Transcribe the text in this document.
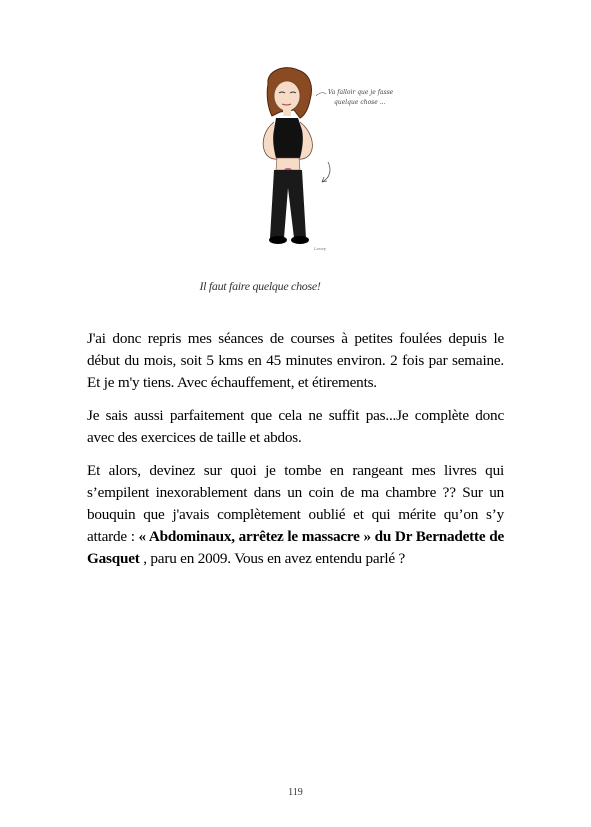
Va falloir que je fasse
quelque chose ...
Louvy
Il faut faire quelque chose!

J'ai donc repris mes séances de courses à petites foulées depuis le début du mois, soit 5 kms en 45 minutes environ. 2 fois par semaine. Et je m'y tiens. Avec échauffement, et étirements.

Je sais aussi parfaitement que cela ne suffit pas...Je complète donc avec des exercices de taille et abdos.

Et alors, devinez sur quoi je tombe en rangeant mes livres qui s’empilent inexorablement dans un coin de ma chambre ?? Sur un bouquin que j'avais complètement oublié et qui mérite qu’on s’y attarde : « Abdominaux, arrêtez le massacre » du Dr Bernadette de Gasquet , paru en 2009. Vous en avez entendu parlé ?

119
